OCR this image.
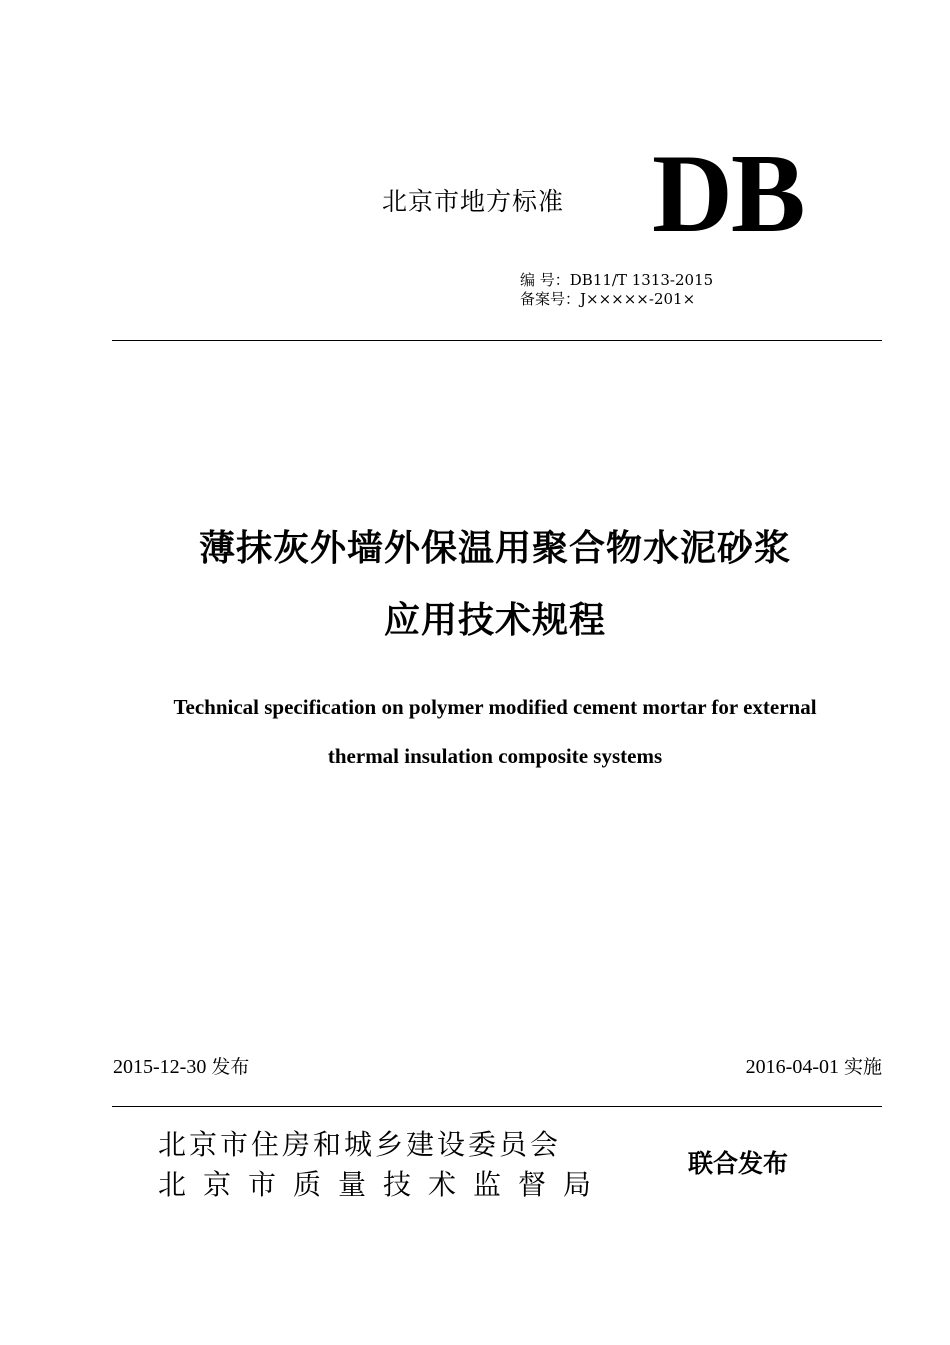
北京市地方标准 DB
编 号：DB11/T 1313-2015
备案号：J×××××-201×
薄抹灰外墙外保温用聚合物水泥砂浆
应用技术规程
Technical specification on polymer modified cement mortar for external
thermal insulation composite systems
2015-12-30 发布	2016-04-01 实施
北京市住房和城乡建设委员会
北京市质量技术监督局
联合发布
